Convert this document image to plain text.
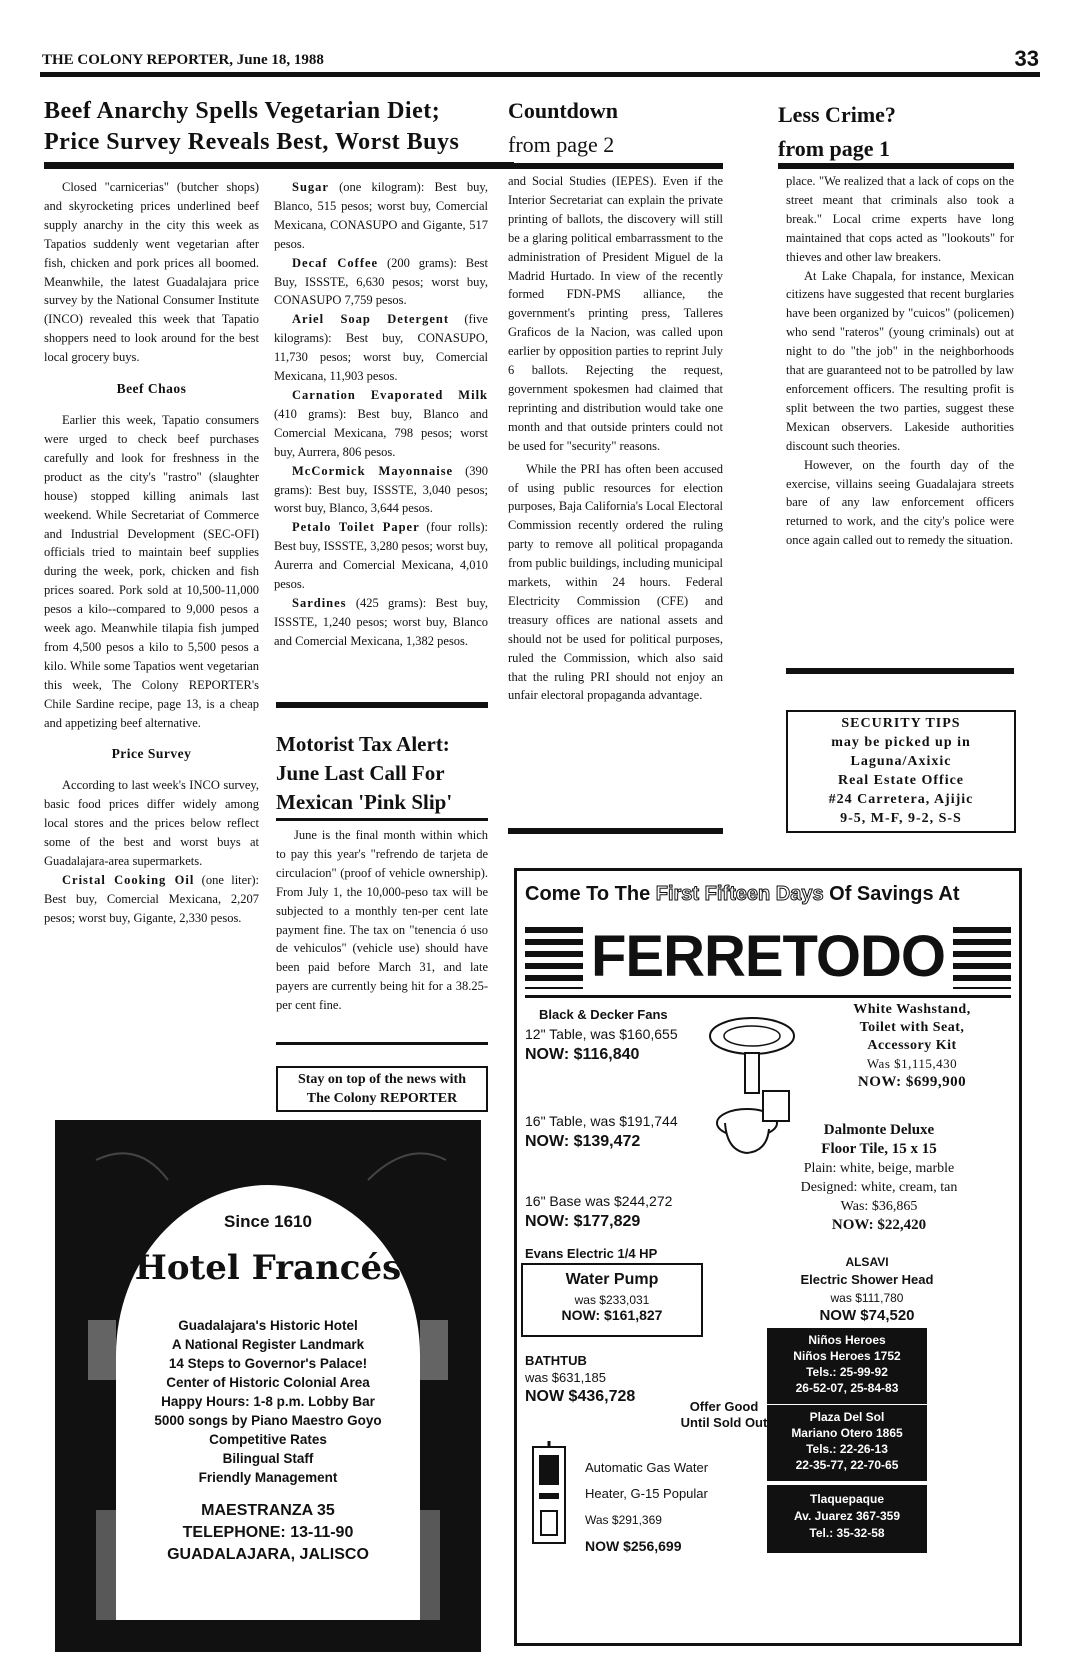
THE COLONY REPORTER, June 18, 1988	33
Beef Anarchy Spells Vegetarian Diet;
Price Survey Reveals Best, Worst Buys

Closed "carnicerias" (butcher shops) and skyrocketing prices underlined beef supply anarchy in the city this week as Tapatios suddenly went vegetarian after fish, chicken and pork prices all boomed. Meanwhile, the latest Guadalajara price survey by the National Consumer Institute (INCO) revealed this week that Tapatio shoppers need to look around for the best local grocery buys.

Beef Chaos

Earlier this week, Tapatio consumers were urged to check beef purchases carefully and look for freshness in the product as the city's "rastro" (slaughter house) stopped killing animals last weekend. While Secretariat of Commerce and Industrial Development (SEC-OFI) officials tried to maintain beef supplies during the week, pork, chicken and fish prices soared. Pork sold at 10,500-11,000 pesos a kilo--compared to 9,000 pesos a week ago. Meanwhile tilapia fish jumped from 4,500 pesos a kilo to 5,500 pesos a kilo. While some Tapatios went vegetarian this week, The Colony REPORTER's Chile Sardine recipe, page 13, is a cheap and appetizing beef alternative.

Price Survey

According to last week's INCO survey, basic food prices differ widely among local stores and the prices below reflect some of the best and worst buys at Guadalajara-area supermarkets.

Cristal Cooking Oil (one liter): Best buy, Comercial Mexicana, 2,207 pesos; worst buy, Gigante, 2,330 pesos.

Sugar (one kilogram): Best buy, Blanco, 515 pesos; worst buy, Comercial Mexicana, CONASUPO and Gigante, 517 pesos.

Decaf Coffee (200 grams): Best Buy, ISSSTE, 6,630 pesos; worst buy, CONASUPO 7,759 pesos.

Ariel Soap Detergent (five kilograms): Best buy, CONASUPO, 11,730 pesos; worst buy, Comercial Mexicana, 11,903 pesos.

Carnation Evaporated Milk (410 grams): Best buy, Blanco and Comercial Mexicana, 798 pesos; worst buy, Aurrera, 806 pesos.

McCormick Mayonnaise (390 grams): Best buy, ISSSTE, 3,040 pesos; worst buy, Blanco, 3,644 pesos.

Petalo Toilet Paper (four rolls): Best buy, ISSSTE, 3,280 pesos; worst buy, Aurerra and Comercial Mexicana, 4,010 pesos.

Sardines (425 grams): Best buy, ISSSTE, 1,240 pesos; worst buy, Blanco and Comercial Mexicana, 1,382 pesos.

Motorist Tax Alert:
June Last Call For
Mexican 'Pink Slip'

June is the final month within which to pay this year's "refrendo de tarjeta de circulacion" (proof of vehicle ownership). From July 1, the 10,000-peso tax will be subjected to a monthly ten-per cent late payment fine. The tax on "tenencia ó uso de vehiculos" (vehicle use) should have been paid before March 31, and late payers are currently being hit for a 38.25-per cent fine.

Stay on top of the news with
The Colony REPORTER
Countdown
from page 2

and Social Studies (IEPES). Even if the Interior Secretariat can explain the private printing of ballots, the discovery will still be a glaring political embarrassment to the administration of President Miguel de la Madrid Hurtado. In view of the recently formed FDN-PMS alliance, the government's printing press, Talleres Graficos de la Nacion, was called upon earlier by opposition parties to reprint July 6 ballots. Rejecting the request, government spokesmen had claimed that reprinting and distribution would take one month and that outside printers could not be used for "security" reasons.

While the PRI has often been accused of using public resources for election purposes, Baja California's Local Electoral Commission recently ordered the ruling party to remove all political propaganda from public buildings, including municipal markets, within 24 hours. Federal Electricity Commission (CFE) and treasury offices are national assets and should not be used for political purposes, ruled the Commission, which also said that the ruling PRI should not enjoy an unfair electoral propaganda advantage.

Less Crime?
from page 1

place. "We realized that a lack of cops on the street meant that criminals also took a break." Local crime experts have long maintained that cops acted as "lookouts" for thieves and other law breakers.

At Lake Chapala, for instance, Mexican citizens have suggested that recent burglaries have been organized by "cuicos" (policemen) who send "rateros" (young criminals) out at night to do "the job" in the neighborhoods that are guaranteed not to be patrolled by law enforcement officers. The resulting profit is split between the two parties, suggest these Mexican observers. Lakeside authorities discount such theories.

However, on the fourth day of the exercise, villains seeing Guadalajara streets bare of any law enforcement officers returned to work, and the city's police were once again called out to remedy the situation.

SECURITY TIPS
may be picked up in
Laguna/Axixic
Real Estate Office
#24 Carretera, Ajijic
9-5, M-F, 9-2, S-S
Since 1610
Hotel Francés
Guadalajara's Historic Hotel
A National Register Landmark
14 Steps to Governor's Palace!
Center of Historic Colonial Area
Happy Hours: 1-8 p.m. Lobby Bar
5000 songs by Piano Maestro Goyo
Competitive Rates
Bilingual Staff
Friendly Management
MAESTRANZA 35
TELEPHONE: 13-11-90
GUADALAJARA, JALISCO
Come To The First Fifteen Days Of Savings At
FERRETODO
Black & Decker Fans
12" Table, was $160,655
NOW: $116,840
16" Table, was $191,744
NOW: $139,472
16" Base was $244,272
NOW: $177,829
Evans Electric 1/4 HP
Water Pump
was $233,031
NOW: $161,827
BATHTUB
was $631,185
NOW $436,728
Offer Good
Until Sold Out
Automatic Gas Water
Heater, G-15 Popular
Was $291,369
NOW $256,699
White Washstand,
Toilet with Seat,
Accessory Kit
Was $1,115,430
NOW: $699,900
Dalmonte Deluxe
Floor Tile, 15 x 15
Plain: white, beige, marble
Designed: white, cream, tan
Was: $36,865
NOW: $22,420
ALSAVI
Electric Shower Head
was $111,780
NOW $74,520
Niños Heroes
Niños Heroes 1752
Tels.: 25-99-92
26-52-07, 25-84-83
Plaza Del Sol
Mariano Otero 1865
Tels.: 22-26-13
22-35-77, 22-70-65
Tlaquepaque
Av. Juarez 367-359
Tel.: 35-32-58
